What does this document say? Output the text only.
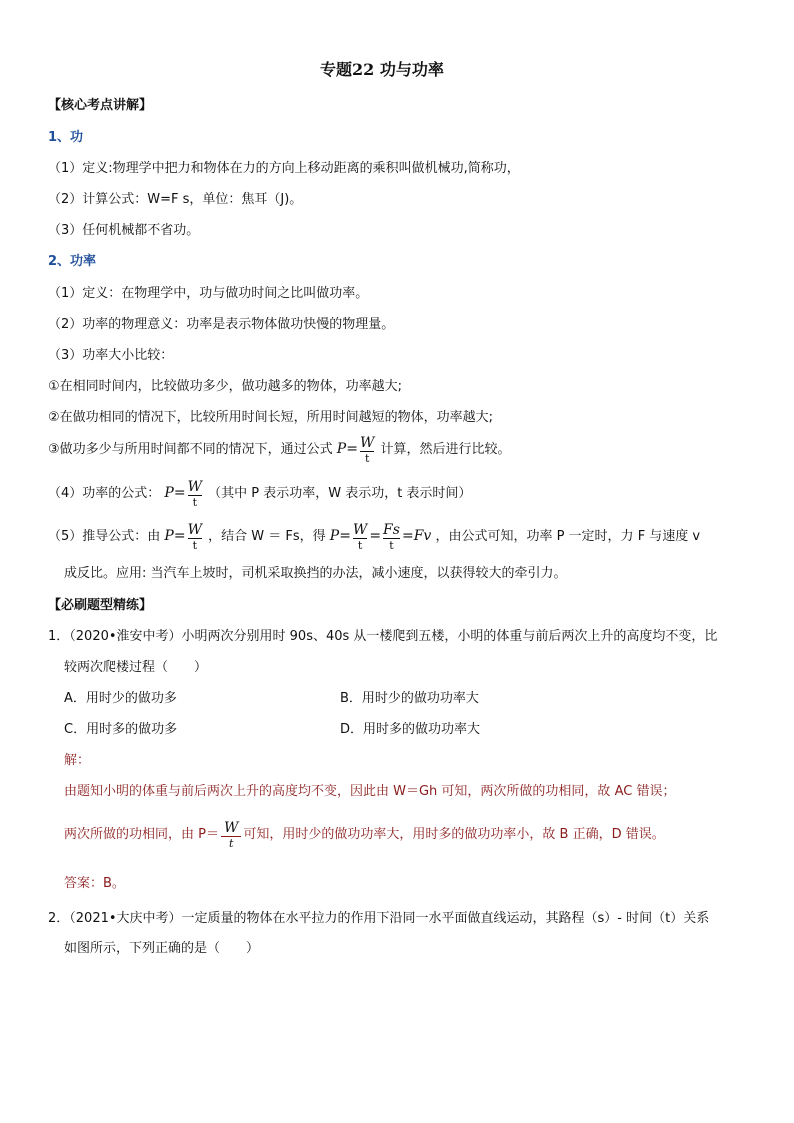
专题22 功与功率
【核心考点讲解】
1、功
（1）定义:物理学中把力和物体在力的方向上移动距离的乘积叫做机械功,简称功，
（2）计算公式：W=F s，单位：焦耳（J)。
（3）任何机械都不省功。
2、功率
（1）定义：在物理学中，功与做功时间之比叫做功率。
（2）功率的物理意义：功率是表示物体做功快慢的物理量。
（3）功率大小比较：
①在相同时间内，比较做功多少，做功越多的物体，功率越大;
②在做功相同的情况下，比较所用时间长短，所用时间越短的物体，功率越大;
③做功多少与所用时间都不同的情况下，通过公式 $P= \frac{W}{t}$ 计算，然后进行比较。
（4）功率的公式： $P= \frac{W}{t}$ （其中 P 表示功率，W 表示功，t 表示时间）
（5）推导公式：由 $P= \frac{W}{t}$ ，结合 W ＝ Fs，得 $P= \frac{W}{t} = \frac{Fs}{t} =Fv$ ，由公式可知，功率 P 一定时，力 F 与速度 v
成反比。应用: 当汽车上坡时，司机采取换挡的办法，减小速度，以获得较大的牵引力。
【必刷题型精练】
1．（2020•淮安中考）小明两次分别用时 90s、40s 从一楼爬到五楼，小明的体重与前后两次上升的高度均不变，比
较两次爬楼过程（　　）
A．用时少的做功多	B．用时少的做功功率大
C．用时多的做功多	D．用时多的做功功率大
解：
由题知小明的体重与前后两次上升的高度均不变，因此由 W＝Gh 可知，两次所做的功相同，故 AC 错误；
两次所做的功相同，由 $P= \frac{W}{t}$ 可知，用时少的做功功率大，用时多的做功功率小，故 B 正确，D 错误。
答案：B。
2．（2021•大庆中考）一定质量的物体在水平拉力的作用下沿同一水平面做直线运动，其路程（s）- 时间（t）关系
如图所示，下列正确的是（　　）
